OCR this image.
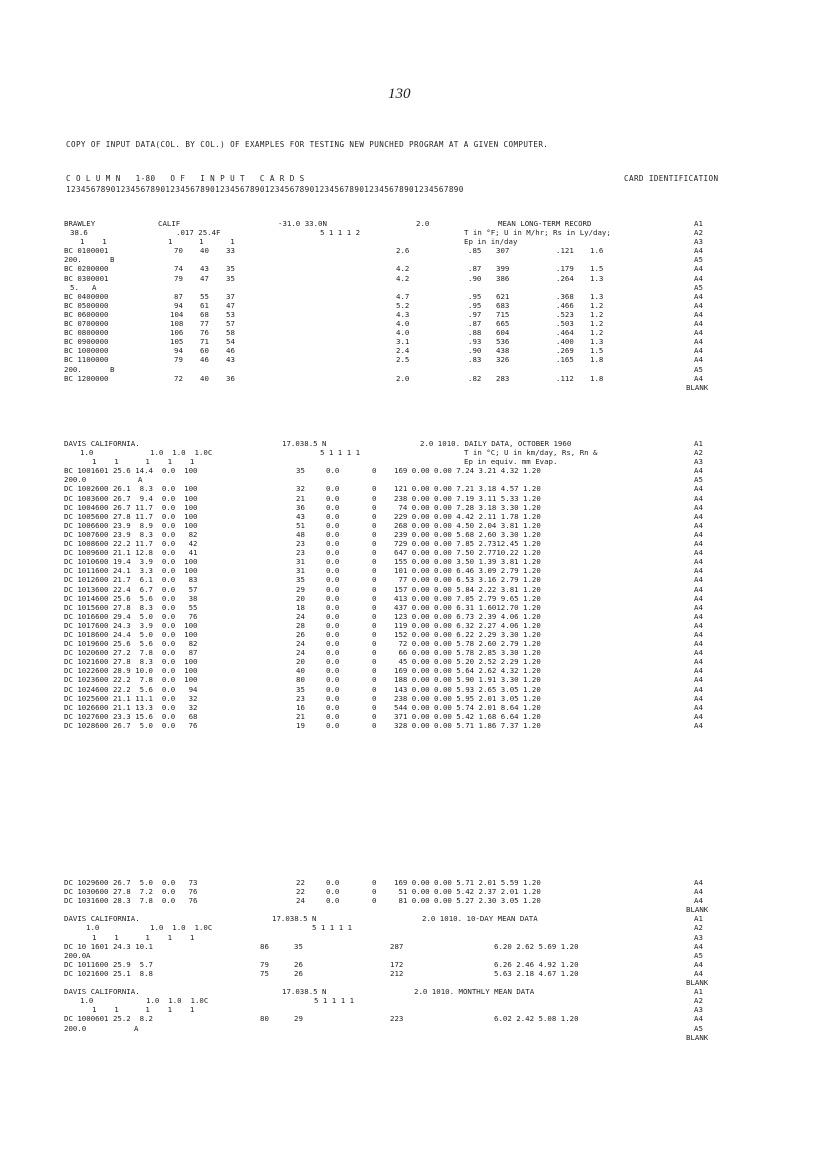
130
COPY OF INPUT DATA(COL. BY COL.) OF EXAMPLES FOR TESTING NEW PUNCHED PROGRAM AT A GIVEN COMPUTER.
C O L U M N   1-80   O F   I N P U T   C A R D S	CARD IDENTIFICATION
12345678901234567890123456789012345678901234567890123456789012345678901234567890
BRAWLEY	CALIF	-31.0 33.0N	2.0	MEAN LONG-TERM RECORD	A1
38.6	.017 25.4F	5 1 1 1 2	T in °F; U in M/hr; Rs in Ly/day;	A2
1    1	1      1      1	Ep in in/day	A3
BC 0100001	70 40 33	2.6	.85 307	.121 1.6	A4
200.	B	A5
BC 0200000	74 43 35	4.2	.87 399	.179 1.5	A4
BC 0300001	79 47 35	4.2	.90 386	.264 1.3	A4
5. A	A5
BC 0400000	87 55 37	4.7	.95 621	.368 1.3	A4
BC 0500000	94 61 47	5.2	.95 683	.466 1.2	A4
BC 0600000	104 68 53	4.3	.97 715	.523 1.2	A4
BC 0700000	108 77 57	4.0	.87 665	.503 1.2	A4
BC 0800000	106 76 58	4.0	.88 604	.464 1.2	A4
BC 0900000	105 71 54	3.1	.93 536	.400 1.3	A4
BC 1000000	94 60 46	2.4	.90 438	.269 1.5	A4
BC 1100000	79 46 43	2.5	.83 326	.165 1.8	A4
200.	B	A5
BC 1200000	72 40 36	2.0	.82 283	.112 1.8	A4
BLANK
DAVIS CALIFORNIA.	17.038.5 N	2.0 1010. DAILY DATA, OCTOBER 1960	A1
1.0	1.0  1.0  1.0C	5 1 1 1 1	T in °C; U in km/day, Rs, Rn &	A2
1    1      1    1    1	Ep in equiv. mm Evap.	A3
BC 1001601 25.6 14.4  0.0  100	35	0.0	0 169 0.00 0.00 7.24 3.21 4.32 1.20	A4
200.0	A	A5
DC 1002600 26.1  8.3  0.0  100	32	0.0	0 121 0.00 0.00 7.21 3.18 4.57 1.20	A4
DC 1003600 26.7  9.4  0.0  100	21	0.0	0 238 0.00 0.00 7.19 3.11 5.33 1.20	A4
DC 1004600 26.7 11.7  0.0  100	36	0.0	0 74 0.00 0.00 7.28 3.18 3.30 1.20	A4
DC 1005600 27.8 11.7  0.0  100	43	0.0	0 229 0.00 0.00 4.42 2.11 1.78 1.20	A4
DC 1006600 23.9  8.9  0.0  100	51	0.0	0 268 0.00 0.00 4.50 2.04 3.81 1.20	A4
DC 1007600 23.9  8.3  0.0   82	48	0.0	0 239 0.00 0.00 5.68 2.60 3.30 1.20	A4
DC 1008600 22.2 11.7  0.0   42	23	0.0	0 729 0.00 0.00 7.85 2.7312.45 1.20	A4
DC 1009600 21.1 12.8  0.0   41	23	0.0	0 647 0.00 0.00 7.50 2.7710.22 1.20	A4
DC 1010600 19.4  3.9  0.0  100	31	0.0	0 155 0.00 0.00 3.50 1.39 3.81 1.20	A4
DC 1011600 24.1  3.3  0.0  100	31	0.0	0 101 0.00 0.00 6.46 3.09 2.79 1.20	A4
DC 1012600 21.7  6.1  0.0   83	35	0.0	0 77 0.00 0.00 6.53 3.16 2.79 1.20	A4
DC 1013600 22.4  6.7  0.0   57	29	0.0	0 157 0.00 0.00 5.84 2.22 3.81 1.20	A4
DC 1014600 25.6  5.6  0.0   38	20	0.0	0 413 0.00 0.00 7.05 2.79 9.65 1.20	A4
DC 1015600 27.8  8.3  0.0   55	18	0.0	0 437 0.00 0.00 6.31 1.6012.70 1.20	A4
DC 1016600 29.4  5.0  0.0   76	24	0.0	0 123 0.00 0.00 6.73 2.39 4.06 1.20	A4
DC 1017600 24.3  3.9  0.0  100	28	0.0	0 119 0.00 0.00 6.32 2.27 4.06 1.20	A4
DC 1018600 24.4  5.0  0.0  100	26	0.0	0 152 0.00 0.00 6.22 2.29 3.30 1.20	A4
DC 1019600 25.6  5.6  0.0   82	24	0.0	0 72 0.00 0.00 5.78 2.60 2.79 1.20	A4
DC 1020600 27.2  7.8  0.0   87	24	0.0	0 66 0.00 0.00 5.78 2.85 3.30 1.20	A4
DC 1021600 27.8  8.3  0.0  100	20	0.0	0 45 0.00 0.00 5.20 2.52 2.29 1.20	A4
DC 1022600 28.9 10.0  0.0  100	40	0.0	0 169 0.00 0.00 5.64 2.62 4.32 1.20	A4
DC 1023600 22.2  7.8  0.0  100	80	0.0	0 188 0.00 0.00 5.90 1.91 3.30 1.20	A4
DC 1024600 22.2  5.6  0.0   94	35	0.0	0 143 0.00 0.00 5.93 2.65 3.05 1.20	A4
DC 1025600 21.1 11.1  0.0   32	23	0.0	0 238 0.00 0.00 5.95 2.01 3.05 1.20	A4
DC 1026600 21.1 13.3  0.0   32	16	0.0	0 544 0.00 0.00 5.74 2.01 8.64 1.20	A4
DC 1027600 23.3 15.6  0.0   68	21	0.0	0 371 0.00 0.00 5.42 1.68 6.64 1.20	A4
DC 1028600 26.7  5.0  0.0   76	19	0.0	0 328 0.00 0.00 5.71 1.86 7.37 1.20	A4
DC 1029600 26.7  5.0  0.0   73	22	0.0	0 169 0.00 0.00 5.71 2.01 5.59 1.20	A4
DC 1030600 27.8  7.2  0.0   76	22	0.0	0 51 0.00 0.00 5.42 2.37 2.01 1.20	A4
DC 1031600 28.3  7.8  0.0   76	24	0.0	0 81 0.00 0.00 5.27 2.30 3.05 1.20	A4
BLANK
DAVIS CALIFORNIA.	17.038.5 N	2.0 1010. 10-DAY MEAN DATA	A1
1.0	1.0  1.0  1.0C	5 1 1 1 1	A2
1    1      1    1    1	A3
DC 10 1601 24.3 10.1	86	35	287	6.20 2.62 5.69 1.20	A4
200.0 A	A5
DC 1011600 25.9  5.7	79	26	172	6.26 2.46 4.92 1.20	A4
DC 1021600 25.1  8.8	75	26	212	5.63 2.18 4.67 1.20	A4
BLANK
DAVIS CALIFORNIA.	17.038.5 N	2.0 1010. MONTHLY MEAN DATA	A1
1.0	1.0  1.0  1.0C	5 1 1 1 1	A2
1    1      1    1    1	A3
DC 1000601 25.2  8.2	80	29	223	6.02 2.42 5.08 1.20	A4
200.0	A	A5
BLANK
